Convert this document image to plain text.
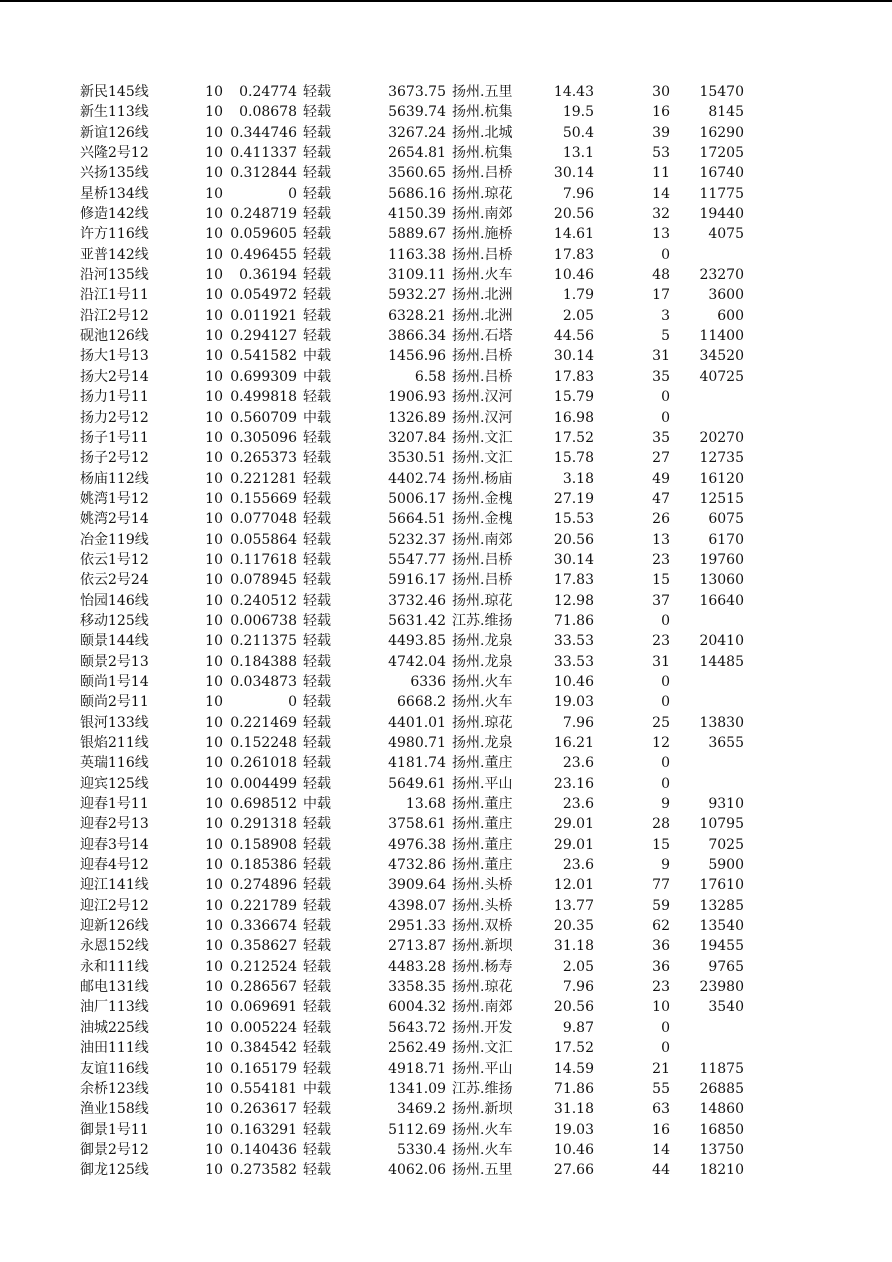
新民145线	10	0.24774 轻载	3673.75 扬州.五里	14.43	30	15470
新生113线	10	0.08678 轻载	5639.74 扬州.杭集	19.5	16	8145
新谊126线	10 0.344746 轻载	3267.24 扬州.北城	50.4	39	16290
兴隆2号12	10 0.411337 轻载	2654.81 扬州.杭集	13.1	53	17205
兴扬135线	10 0.312844 轻载	3560.65 扬州.吕桥	30.14	11	16740
星桥134线	10	0 轻载	5686.16 扬州.琼花	7.96	14	11775
修造142线	10 0.248719 轻载	4150.39 扬州.南郊	20.56	32	19440
许方116线	10 0.059605 轻载	5889.67 扬州.施桥	14.61	13	4075
亚普142线	10 0.496455 轻载	1163.38 扬州.吕桥	17.83	0
沿河135线	10	0.36194 轻载	3109.11 扬州.火车	10.46	48	23270
沿江1号11	10 0.054972 轻载	5932.27 扬州.北洲	1.79	17	3600
沿江2号12	10 0.011921 轻载	6328.21 扬州.北洲	2.05	3	600
砚池126线	10 0.294127 轻载	3866.34 扬州.石塔	44.56	5	11400
扬大1号13	10 0.541582 中载	1456.96 扬州.吕桥	30.14	31	34520
扬大2号14	10 0.699309 中载	6.58 扬州.吕桥	17.83	35	40725
扬力1号11	10 0.499818 轻载	1906.93 扬州.汉河	15.79	0
扬力2号12	10 0.560709 中载	1326.89 扬州.汉河	16.98	0
扬子1号11	10 0.305096 轻载	3207.84 扬州.文汇	17.52	35	20270
扬子2号12	10 0.265373 轻载	3530.51 扬州.文汇	15.78	27	12735
杨庙112线	10 0.221281 轻载	4402.74 扬州.杨庙	3.18	49	16120
姚湾1号12	10 0.155669 轻载	5006.17 扬州.金槐	27.19	47	12515
姚湾2号14	10 0.077048 轻载	5664.51 扬州.金槐	15.53	26	6075
冶金119线	10 0.055864 轻载	5232.37 扬州.南郊	20.56	13	6170
依云1号12	10 0.117618 轻载	5547.77 扬州.吕桥	30.14	23	19760
依云2号24	10 0.078945 轻载	5916.17 扬州.吕桥	17.83	15	13060
怡园146线	10 0.240512 轻载	3732.46 扬州.琼花	12.98	37	16640
移动125线	10 0.006738 轻载	5631.42 江苏.维扬	71.86	0
颐景144线	10 0.211375 轻载	4493.85 扬州.龙泉	33.53	23	20410
颐景2号13	10 0.184388 轻载	4742.04 扬州.龙泉	33.53	31	14485
颐尚1号14	10 0.034873 轻载	6336 扬州.火车	10.46	0
颐尚2号11	10	0 轻载	6668.2 扬州.火车	19.03	0
银河133线	10 0.221469 轻载	4401.01 扬州.琼花	7.96	25	13830
银焰211线	10 0.152248 轻载	4980.71 扬州.龙泉	16.21	12	3655
英瑞116线	10 0.261018 轻载	4181.74 扬州.董庄	23.6	0
迎宾125线	10 0.004499 轻载	5649.61 扬州.平山	23.16	0
迎春1号11	10 0.698512 中载	13.68 扬州.董庄	23.6	9	9310
迎春2号13	10 0.291318 轻载	3758.61 扬州.董庄	29.01	28	10795
迎春3号14	10 0.158908 轻载	4976.38 扬州.董庄	29.01	15	7025
迎春4号12	10 0.185386 轻载	4732.86 扬州.董庄	23.6	9	5900
迎江141线	10 0.274896 轻载	3909.64 扬州.头桥	12.01	77	17610
迎江2号12	10 0.221789 轻载	4398.07 扬州.头桥	13.77	59	13285
迎新126线	10 0.336674 轻载	2951.33 扬州.双桥	20.35	62	13540
永恩152线	10 0.358627 轻载	2713.87 扬州.新坝	31.18	36	19455
永和111线	10 0.212524 轻载	4483.28 扬州.杨寿	2.05	36	9765
邮电131线	10 0.286567 轻载	3358.35 扬州.琼花	7.96	23	23980
油厂113线	10 0.069691 轻载	6004.32 扬州.南郊	20.56	10	3540
油城225线	10 0.005224 轻载	5643.72 扬州.开发	9.87	0
油田111线	10 0.384542 轻载	2562.49 扬州.文汇	17.52	0
友谊116线	10 0.165179 轻载	4918.71 扬州.平山	14.59	21	11875
余桥123线	10 0.554181 中载	1341.09 江苏.维扬	71.86	55	26885
渔业158线	10 0.263617 轻载	3469.2 扬州.新坝	31.18	63	14860
御景1号11	10 0.163291 轻载	5112.69 扬州.火车	19.03	16	16850
御景2号12	10 0.140436 轻载	5330.4 扬州.火车	10.46	14	13750
御龙125线	10 0.273582 轻载	4062.06 扬州.五里	27.66	44	18210
